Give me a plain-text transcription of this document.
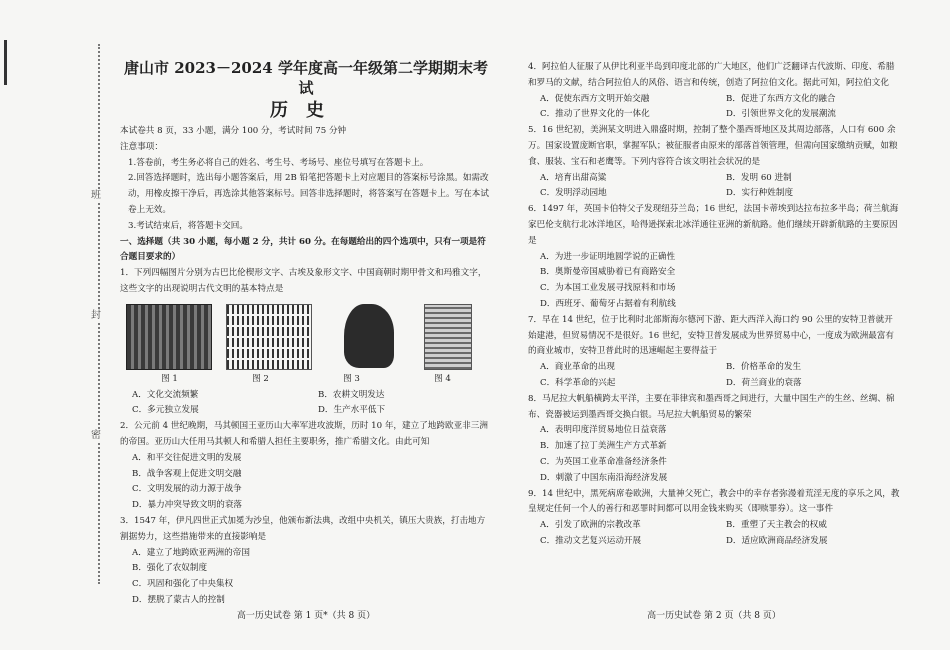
班
封
密
唐山市 2023－2024 学年度高一年级第二学期期末考试
历史

本试卷共 8 页，33 小题，满分 100 分，考试时间 75 分钟

注意事项：

1.答卷前，考生务必将自己的姓名、考生号、考场号、座位号填写在答题卡上。

2.回答选择题时，选出每小题答案后，用 2B 铅笔把答题卡上对应题目的答案标号涂黑。如需改动，用橡皮擦干净后，再选涂其他答案标号。回答非选择题时，将答案写在答题卡上。写在本试卷上无效。

3.考试结束后，将答题卡交回。

一、选择题（共 30 小题，每小题 2 分，共计 60 分。在每题给出的四个选项中，只有一项是符合题目要求的）

1．下列四幅图片分别为古巴比伦楔形文字、古埃及象形文字、中国商朝时期甲骨文和玛雅文字，这些文字的出现说明古代文明的基本特点是

图 1	图 2	图 3	图 4
A．文化交流频繁	B．农耕文明发达
C．多元独立发展	D．生产水平低下

2．公元前 4 世纪晚期，马其顿国王亚历山大率军进攻波斯，历时 10 年，建立了地跨欧亚非三洲的帝国。亚历山大任用马其顿人和希腊人担任主要职务，推广希腊文化。由此可知

A．和平交往促进文明的发展
B．战争客观上促进文明交融
C．文明发展的动力源于战争
D．暴力冲突导致文明的衰落

3．1547 年，伊凡四世正式加冕为沙皇，他颁布新法典，改组中央机关，镇压大贵族，打击地方割据势力，这些措施带来的直接影响是

A．建立了地跨欧亚两洲的帝国
B．强化了农奴制度
C．巩固和强化了中央集权
D．摆脱了蒙古人的控制
高一历史试卷 第 1 页*（共 8 页）

4．阿拉伯人征服了从伊比利亚半岛到印度北部的广大地区，他们广泛翻译古代波斯、印度、希腊和罗马的文献，结合阿拉伯人的风俗、语言和传统，创造了阿拉伯文化。据此可知，阿拉伯文化

A．促使东西方文明开始交融	B．促进了东西方文化的融合
C．推动了世界文化的一体化	D．引领世界文化的发展潮流

5．16 世纪初，美洲某文明进入鼎盛时期，控制了整个墨西哥地区及其周边部落，人口有 600 余万。国家设置庞断官职，掌握军队；被征服者由原来的部落首领管理，但需向国家缴纳贡赋，如粮食、服装、宝石和老鹰等。下列内容符合该文明社会状况的是

A．培育出甜高粱	B．发明 60 进制
C．发明浮动园地	D．实行种姓制度

6．1497 年，英国卡伯特父子发现纽芬兰岛；16 世纪，法国卡蒂埃到达拉布拉多半岛；荷兰航海家巴伦支航行北冰洋地区，哈得逊探索北冰洋通往亚洲的新航路。他们继续开辟新航路的主要原因是

A．为进一步证明地圆学说的正确性
B．奥斯曼帝国威胁着已有商路安全
C．为本国工业发展寻找原料和市场
D．西班牙、葡萄牙占据着有利航线

7．早在 14 世纪，位于比利时北部斯海尔德河下游、距大西洋入海口约 90 公里的安特卫普就开始建港，但贸易情况不是很好。16 世纪，安特卫普发展成为世界贸易中心，一度成为欧洲最富有的商业城市，安特卫普此时的迅速崛起主要得益于

A．商业革命的出现	B．价格革命的发生
C．科学革命的兴起	D．荷兰商业的衰落

8．马尼拉大帆船横跨太平洋，主要在菲律宾和墨西哥之间进行，大量中国生产的生丝、丝绸、棉布、瓷器被运到墨西哥交换白银。马尼拉大帆船贸易的繁荣

A．表明印度洋贸易地位日益衰落
B．加速了拉丁美洲生产方式革新
C．为英国工业革命准备经济条件
D．刺激了中国东南沿海经济发展

9．14 世纪中，黑死病席卷欧洲，大量神父死亡，教会中的幸存者弥漫着荒淫无度的享乐之风，教皇规定任何一个人的善行和恶罪时间都可以用金钱来购买（即赎罪券）。这一事件

A．引发了欧洲的宗教改革	B．重塑了天主教会的权威
C．推动文艺复兴运动开展	D．适应欧洲商品经济发展
高一历史试卷 第 2 页（共 8 页）
